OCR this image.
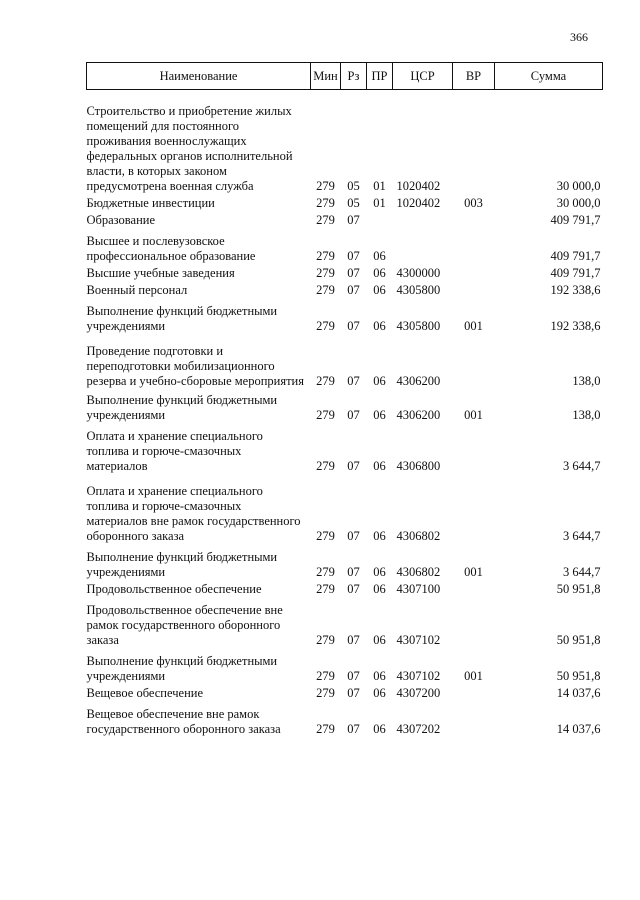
366
Наименование	Мин	Рз	ПР	ЦСР	ВР	Сумма

Строительство и приобретение жилых помещений для постоянного проживания военнослужащих федеральных органов исполнительной власти, в которых законом предусмотрена военная служба	279	05	01	1020402		30 000,0

Бюджетные инвестиции	279	05	01	1020402	003	30 000,0

Образование	279	07				409 791,7

Высшее и послевузовское профессиональное образование	279	07	06			409 791,7

Высшие учебные заведения	279	07	06	4300000		409 791,7

Военный персонал	279	07	06	4305800		192 338,6

Выполнение функций бюджетными учреждениями	279	07	06	4305800	001	192 338,6

Проведение подготовки и переподготовки мобилизационного резерва и учебно-сборовые мероприятия	279	07	06	4306200		138,0

Выполнение функций бюджетными учреждениями	279	07	06	4306200	001	138,0

Оплата и хранение специального топлива и горюче-смазочных материалов	279	07	06	4306800		3 644,7

Оплата и хранение специального топлива и горюче-смазочных материалов вне рамок государственного оборонного заказа	279	07	06	4306802		3 644,7

Выполнение функций бюджетными учреждениями	279	07	06	4306802	001	3 644,7

Продовольственное обеспечение	279	07	06	4307100		50 951,8

Продовольственное обеспечение вне рамок государственного оборонного заказа	279	07	06	4307102		50 951,8

Выполнение функций бюджетными учреждениями	279	07	06	4307102	001	50 951,8

Вещевое обеспечение	279	07	06	4307200		14 037,6

Вещевое обеспечение вне рамок государственного оборонного заказа	279	07	06	4307202		14 037,6
